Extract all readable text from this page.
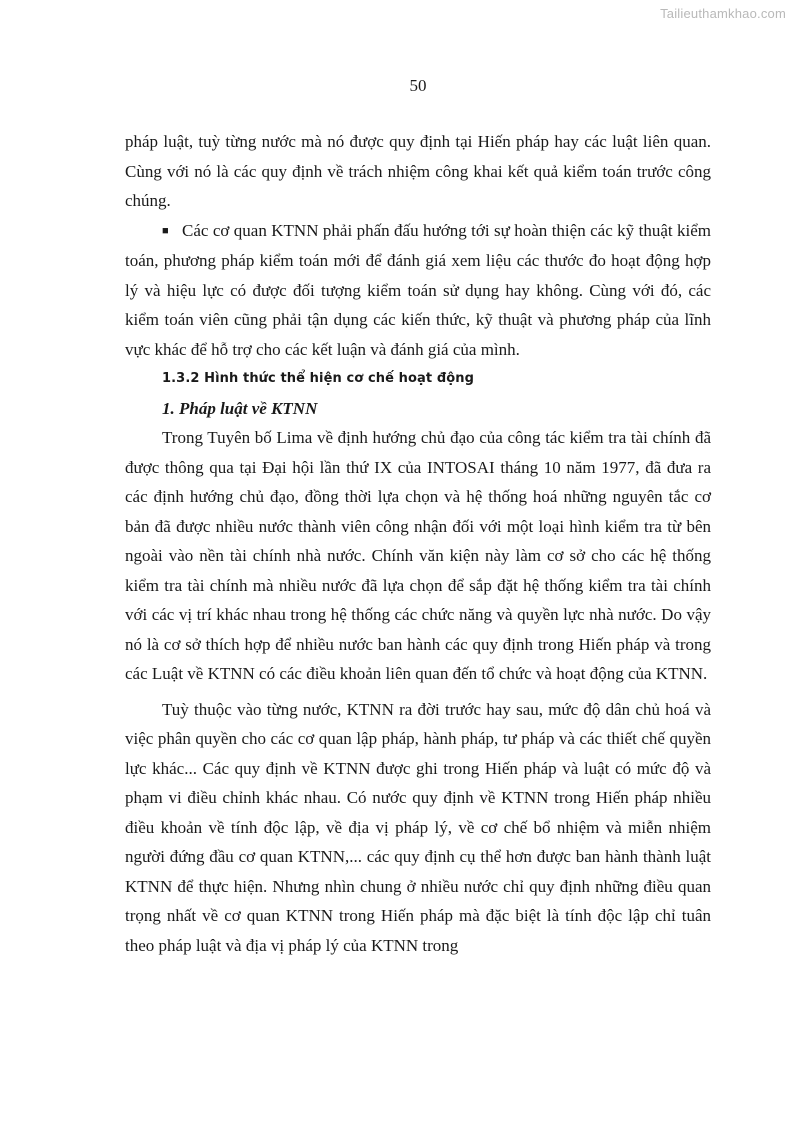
Tailieuthamkhao.com
50

pháp luật, tuỳ từng nước mà nó được quy định tại Hiến pháp hay các luật liên quan. Cùng với nó là các quy định về trách nhiệm công khai kết quả kiểm toán trước công chúng.

■ Các cơ quan KTNN phải phấn đấu hướng tới sự hoàn thiện các kỹ thuật kiểm toán, phương pháp kiểm toán mới để đánh giá xem liệu các thước đo hoạt động hợp lý và hiệu lực có được đối tượng kiểm toán sử dụng hay không. Cùng với đó, các kiểm toán viên cũng phải tận dụng các kiến thức, kỹ thuật và phương pháp của lĩnh vực khác để hỗ trợ cho các kết luận và đánh giá của mình.

1.3.2 Hình thức thể hiện cơ chế hoạt động

1. Pháp luật về KTNN

Trong Tuyên bố Lima về định hướng chủ đạo của công tác kiểm tra tài chính đã được thông qua tại Đại hội lần thứ IX của INTOSAI tháng 10 năm 1977, đã đưa ra các định hướng chủ đạo, đồng thời lựa chọn và hệ thống hoá những nguyên tắc cơ bản đã được nhiều nước thành viên công nhận đối với một loại hình kiểm tra từ bên ngoài vào nền tài chính nhà nước. Chính văn kiện này làm cơ sở cho các hệ thống kiểm tra tài chính mà nhiều nước đã lựa chọn để sắp đặt hệ thống kiểm tra tài chính với các vị trí khác nhau trong hệ thống các chức năng và quyền lực nhà nước. Do vậy nó là cơ sở thích hợp để nhiều nước ban hành các quy định trong Hiến pháp và trong các Luật về KTNN có các điều khoản liên quan đến tổ chức và hoạt động của KTNN.

Tuỳ thuộc vào từng nước, KTNN ra đời trước hay sau, mức độ dân chủ hoá và việc phân quyền cho các cơ quan lập pháp, hành pháp, tư pháp và các thiết chế quyền lực khác... Các quy định về KTNN được ghi trong Hiến pháp và luật có mức độ và phạm vi điều chỉnh khác nhau. Có nước quy định về KTNN trong Hiến pháp nhiều điều khoản về tính độc lập, về địa vị pháp lý, về cơ chế bổ nhiệm và miễn nhiệm người đứng đầu cơ quan KTNN,... các quy định cụ thể hơn được ban hành thành luật KTNN để thực hiện. Nhưng nhìn chung ở nhiều nước chỉ quy định những điều quan trọng nhất về cơ quan KTNN trong Hiến pháp mà đặc biệt là tính độc lập chỉ tuân theo pháp luật và địa vị pháp lý của KTNN trong
